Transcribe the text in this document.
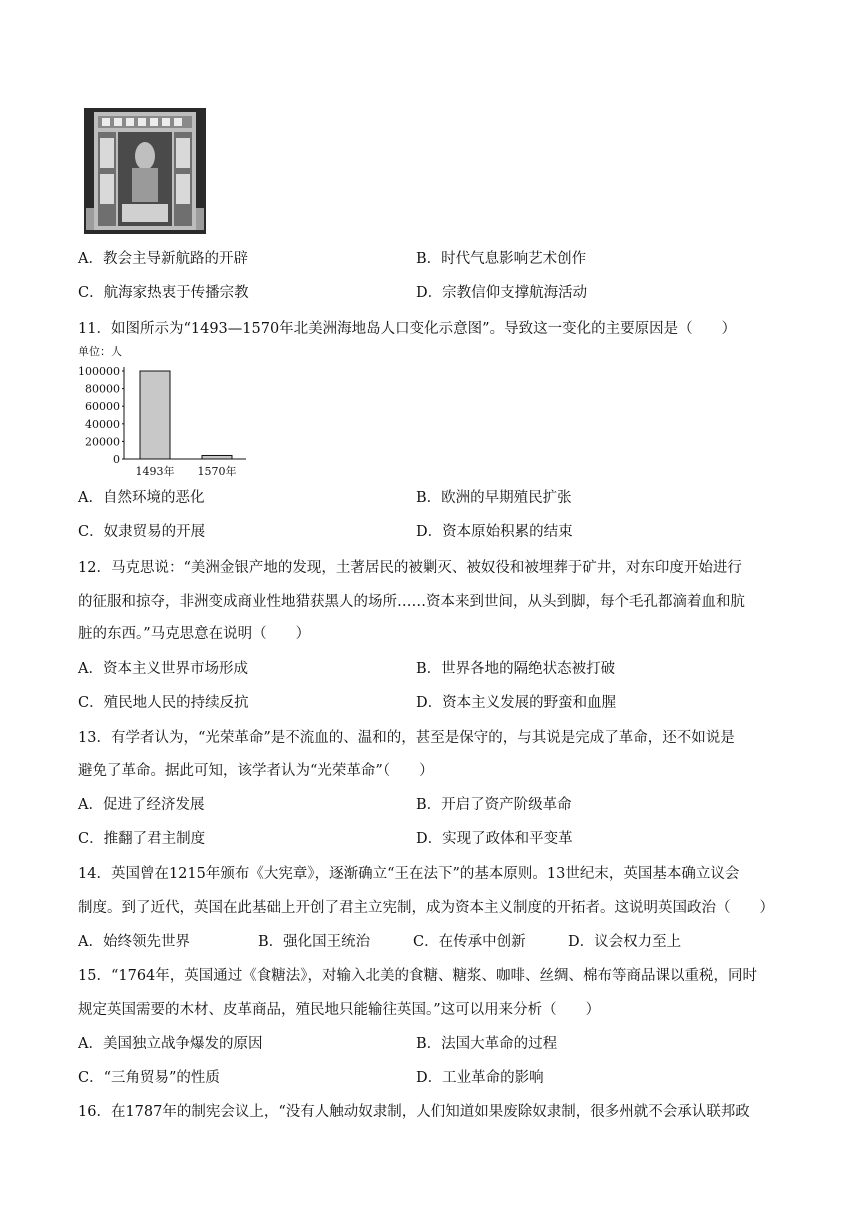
A．教会主导新航路的开辟	B．时代气息影响艺术创作
C．航海家热衷于传播宗教	D．宗教信仰支撑航海活动
11．如图所示为“1493—1570年北美洲海地岛人口变化示意图”。导致这一变化的主要原因是（　　）
单位：人
100000
80000
60000
40000
20000
0
1493年 1570年
A．自然环境的恶化	B．欧洲的早期殖民扩张
C．奴隶贸易的开展	D．资本原始积累的结束
12．马克思说：“美洲金银产地的发现，土著居民的被剿灭、被奴役和被埋葬于矿井，对东印度开始进行
的征服和掠夺，非洲变成商业性地猎获黑人的场所……资本来到世间，从头到脚，每个毛孔都滴着血和肮
脏的东西。”马克思意在说明（　　）
A．资本主义世界市场形成	B．世界各地的隔绝状态被打破
C．殖民地人民的持续反抗	D．资本主义发展的野蛮和血腥
13．有学者认为，“光荣革命”是不流血的、温和的，甚至是保守的，与其说是完成了革命，还不如说是
避免了革命。据此可知，该学者认为“光荣革命”（　　）
A．促进了经济发展	B．开启了资产阶级革命
C．推翻了君主制度	D．实现了政体和平变革
14．英国曾在1215年颁布《大宪章》，逐渐确立“王在法下”的基本原则。13世纪末，英国基本确立议会
制度。到了近代，英国在此基础上开创了君主立宪制，成为资本主义制度的开拓者。这说明英国政治（　　）
A．始终领先世界	B．强化国王统治	C．在传承中创新	D．议会权力至上
15．“1764年，英国通过《食糖法》，对输入北美的食糖、糖浆、咖啡、丝绸、棉布等商品课以重税，同时
规定英国需要的木材、皮革商品，殖民地只能输往英国。”这可以用来分析（　　）
A．美国独立战争爆发的原因	B．法国大革命的过程
C．“三角贸易”的性质	D．工业革命的影响
16．在1787年的制宪会议上，“没有人触动奴隶制，人们知道如果废除奴隶制，很多州就不会承认联邦政
